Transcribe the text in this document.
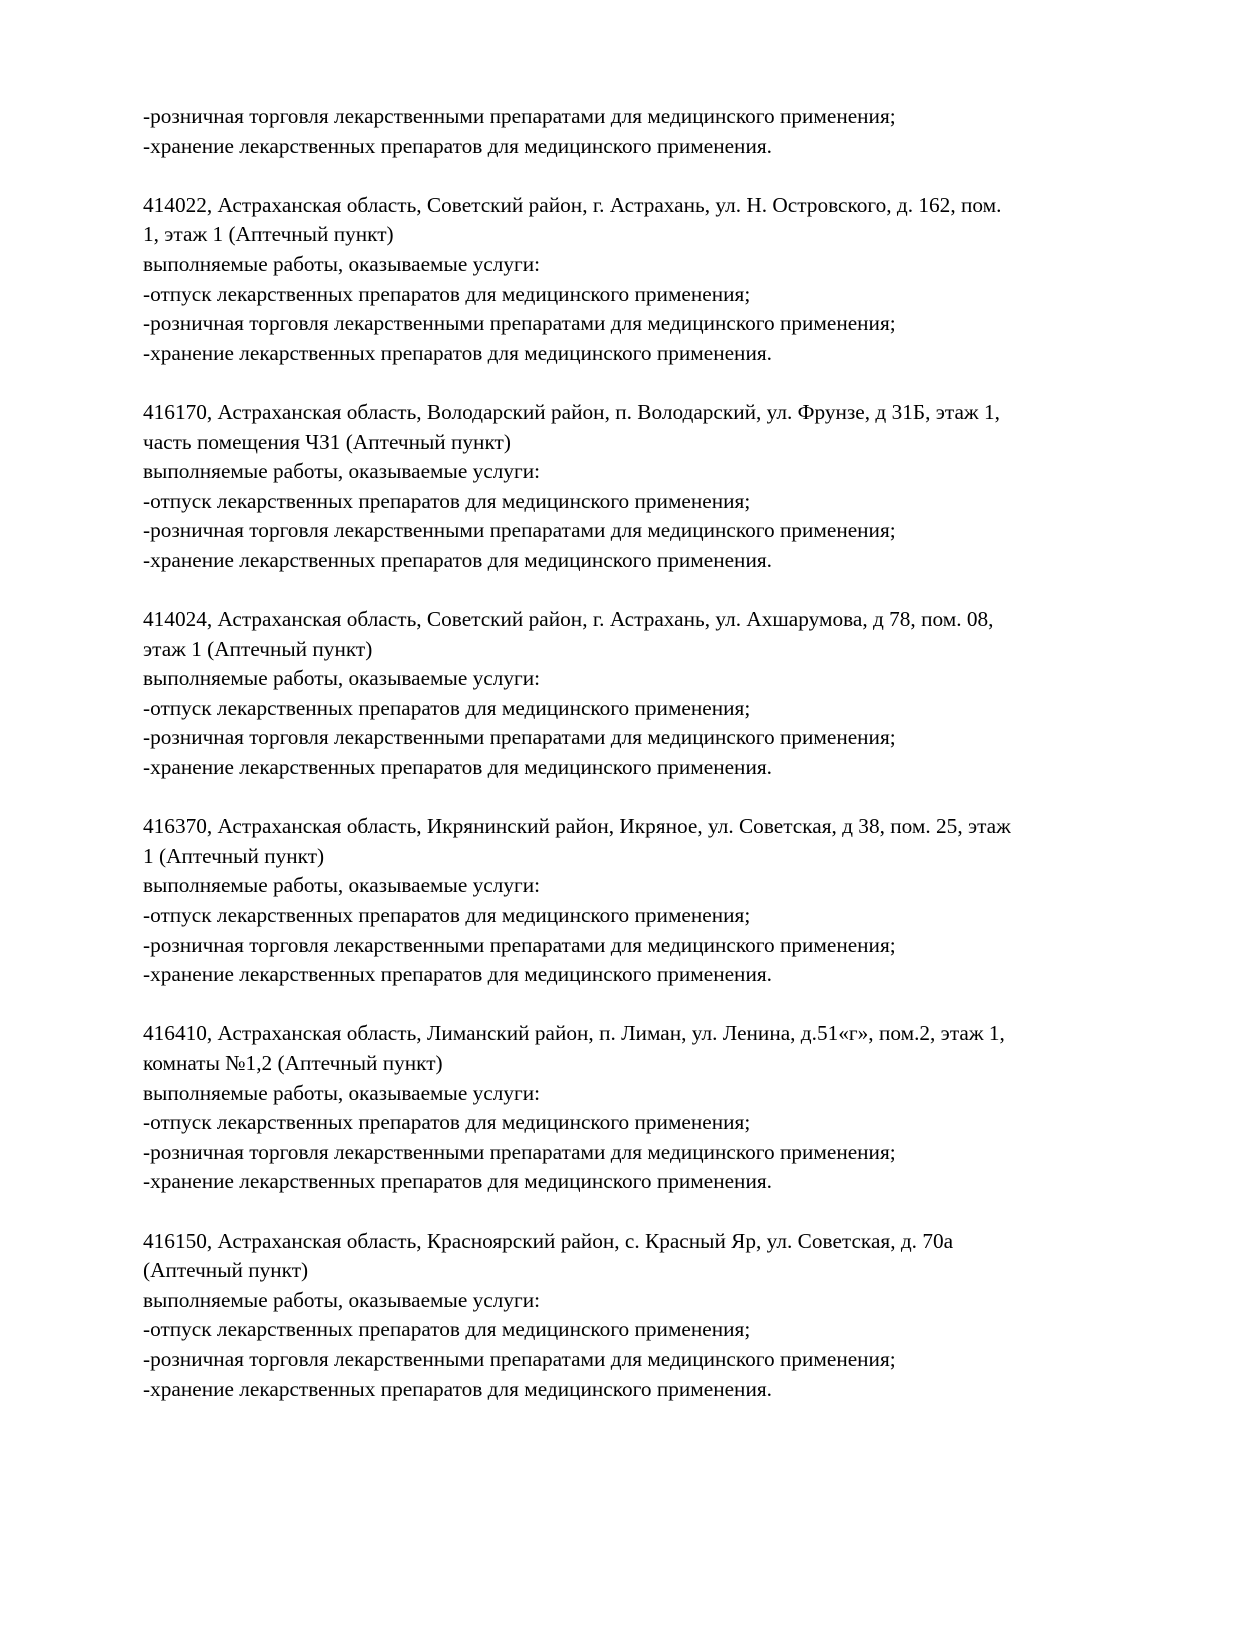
-розничная торговля лекарственными препаратами для медицинского применения;
-хранение лекарственных препаратов для медицинского применения.
414022, Астраханская область, Советский район, г. Астрахань, ул. Н. Островского, д. 162, пом.
1, этаж 1 (Аптечный пункт)
выполняемые работы, оказываемые услуги:
-отпуск лекарственных препаратов для медицинского применения;
-розничная торговля лекарственными препаратами для медицинского применения;
-хранение лекарственных препаратов для медицинского применения.
416170, Астраханская область, Володарский район, п. Володарский, ул. Фрунзе, д 31Б, этаж 1,
часть помещения ЧЗ1 (Аптечный пункт)
выполняемые работы, оказываемые услуги:
-отпуск лекарственных препаратов для медицинского применения;
-розничная торговля лекарственными препаратами для медицинского применения;
-хранение лекарственных препаратов для медицинского применения.
414024, Астраханская область, Советский район, г. Астрахань, ул. Ахшарумова, д 78, пом. 08,
этаж 1 (Аптечный пункт)
выполняемые работы, оказываемые услуги:
-отпуск лекарственных препаратов для медицинского применения;
-розничная торговля лекарственными препаратами для медицинского применения;
-хранение лекарственных препаратов для медицинского применения.
416370, Астраханская область, Икрянинский район, Икряное, ул. Советская, д 38, пом. 25, этаж
1 (Аптечный пункт)
выполняемые работы, оказываемые услуги:
-отпуск лекарственных препаратов для медицинского применения;
-розничная торговля лекарственными препаратами для медицинского применения;
-хранение лекарственных препаратов для медицинского применения.
416410, Астраханская область, Лиманский район, п. Лиман, ул. Ленина, д.51«г», пом.2, этаж 1,
комнаты №1,2 (Аптечный пункт)
выполняемые работы, оказываемые услуги:
-отпуск лекарственных препаратов для медицинского применения;
-розничная торговля лекарственными препаратами для медицинского применения;
-хранение лекарственных препаратов для медицинского применения.
416150, Астраханская область, Красноярский район, с. Красный Яр, ул. Советская, д. 70а
(Аптечный пункт)
выполняемые работы, оказываемые услуги:
-отпуск лекарственных препаратов для медицинского применения;
-розничная торговля лекарственными препаратами для медицинского применения;
-хранение лекарственных препаратов для медицинского применения.
